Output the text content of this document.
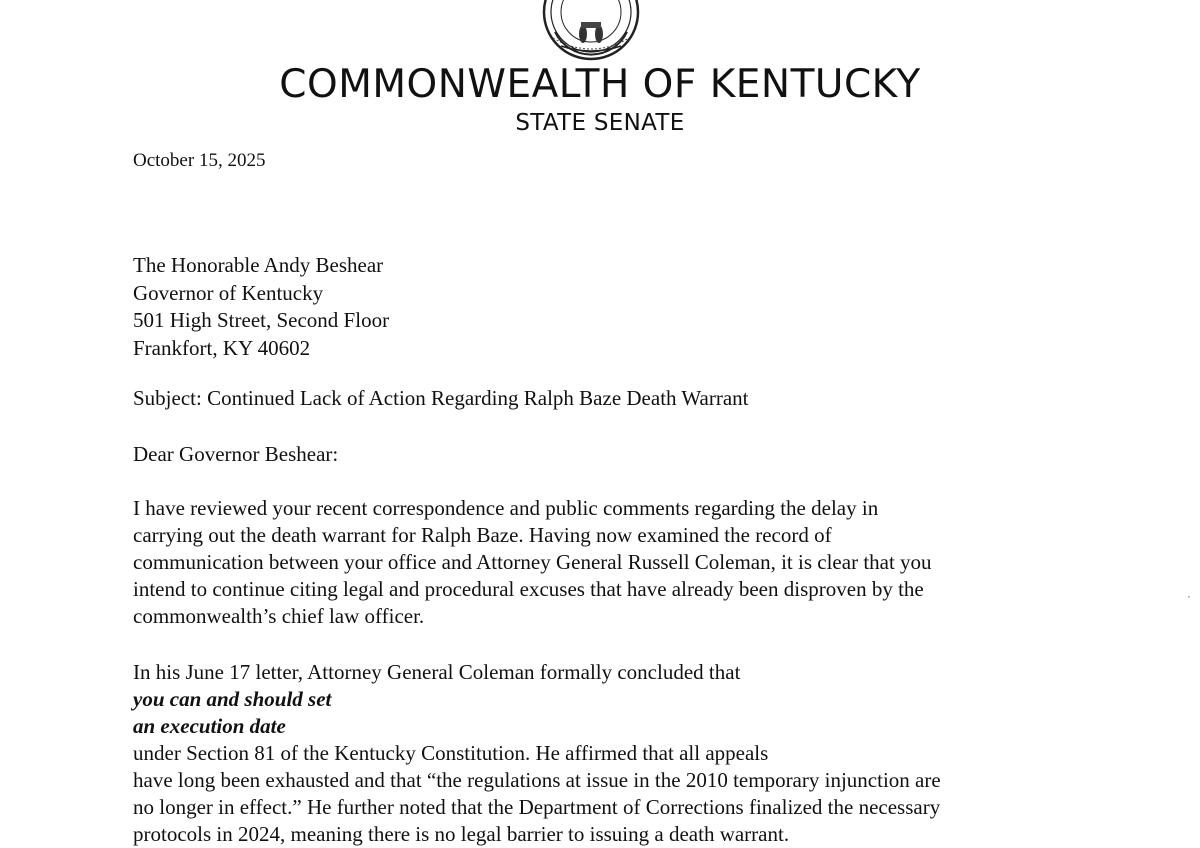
COMMONWEALTH OF KENTUCKY
STATE SENATE

October 15, 2025

The Honorable Andy Beshear
Governor of Kentucky
501 High Street, Second Floor
Frankfort, KY 40602

Subject: Continued Lack of Action Regarding Ralph Baze Death Warrant

Dear Governor Beshear:

I have reviewed your recent correspondence and public comments regarding the delay in
carrying out the death warrant for Ralph Baze. Having now examined the record of
communication between your office and Attorney General Russell Coleman, it is clear that you
intend to continue citing legal and procedural excuses that have already been disproven by the
commonwealth’s chief law officer.

In his June 17 letter, Attorney General Coleman formally concluded that
you can and should set
an execution date
under Section 81 of the Kentucky Constitution. He affirmed that all appeals
have long been exhausted and that “the regulations at issue in the 2010 temporary injunction are
no longer in effect.” He further noted that the Department of Corrections finalized the necessary
protocols in 2024, meaning there is no legal barrier to issuing a death warrant.

⋅
